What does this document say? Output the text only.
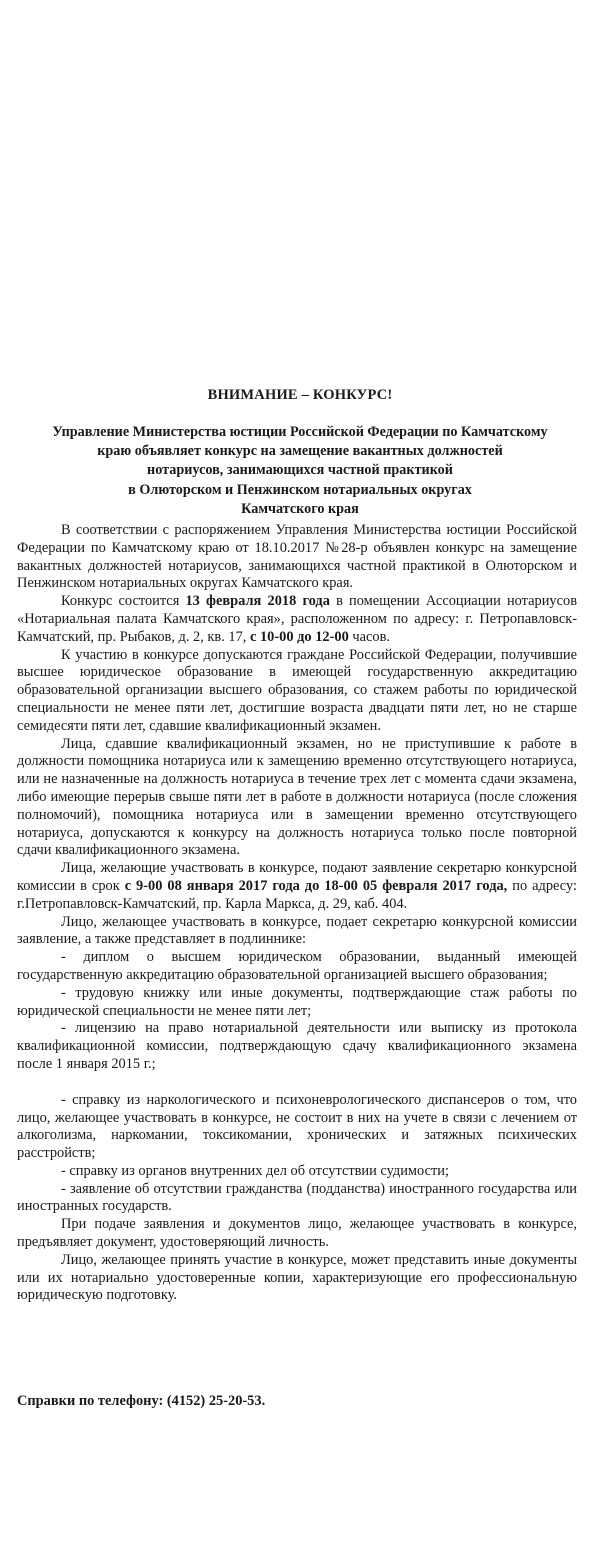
ВНИМАНИЕ – КОНКУРС!
Управление Министерства юстиции Российской Федерации по Камчатскому
краю объявляет конкурс на замещение вакантных должностей
нотариусов, занимающихся частной практикой
в Олюторском и Пенжинском нотариальных округах
Камчатского края

В соответствии с распоряжением Управления Министерства юстиции Российской Федерации по Камчатскому краю от 18.10.2017 №28-р объявлен конкурс на замещение вакантных должностей нотариусов, занимающихся частной практикой в Олюторском и Пенжинском нотариальных округах Камчатского края.

Конкурс состоится 13 февраля 2018 года в помещении Ассоциации нотариусов «Нотариальная палата Камчатского края», расположенном по адресу: г. Петропавловск-Камчатский, пр. Рыбаков, д. 2, кв. 17, с 10-00 до 12-00 часов.

К участию в конкурсе допускаются граждане Российской Федерации, получившие высшее юридическое образование в имеющей государственную аккредитацию образовательной организации высшего образования, со стажем работы по юридической специальности не менее пяти лет, достигшие возраста двадцати пяти лет, но не старше семидесяти пяти лет, сдавшие квалификационный экзамен.

Лица, сдавшие квалификационный экзамен, но не приступившие к работе в должности помощника нотариуса или к замещению временно отсутствующего нотариуса, или не назначенные на должность нотариуса в течение трех лет с момента сдачи экзамена, либо имеющие перерыв свыше пяти лет в работе в должности нотариуса (после сложения полномочий), помощника нотариуса или в замещении временно отсутствующего нотариуса, допускаются к конкурсу на должность нотариуса только после повторной сдачи квалификационного экзамена.

Лица, желающие участвовать в конкурсе, подают заявление секретарю конкурсной комиссии в срок с 9-00 08 января 2017 года до 18-00 05 февраля 2017 года, по адресу: г.Петропавловск-Камчатский, пр. Карла Маркса, д. 29, каб. 404.

Лицо, желающее участвовать в конкурсе, подает секретарю конкурсной комиссии заявление, а также представляет в подлиннике:

- диплом о высшем юридическом образовании, выданный имеющей государственную аккредитацию образовательной организацией высшего образования;

- трудовую книжку или иные документы, подтверждающие стаж работы по юридической специальности не менее пяти лет;

- лицензию на право нотариальной деятельности или выписку из протокола квалификационной комиссии, подтверждающую сдачу квалификационного экзамена после 1 января 2015 г.;

- справку из наркологического и психоневрологического диспансеров о том, что лицо, желающее участвовать в конкурсе, не состоит в них на учете в связи с лечением от алкоголизма, наркомании, токсикомании, хронических и затяжных психических расстройств;

- справку из органов внутренних дел об отсутствии судимости;

- заявление об отсутствии гражданства (подданства) иностранного государства или иностранных государств.

При подаче заявления и документов лицо, желающее участвовать в конкурсе, предъявляет документ, удостоверяющий личность.

Лицо, желающее принять участие в конкурсе, может представить иные документы или их нотариально удостоверенные копии, характеризующие его профессиональную юридическую подготовку.

Справки по телефону: (4152) 25-20-53.
